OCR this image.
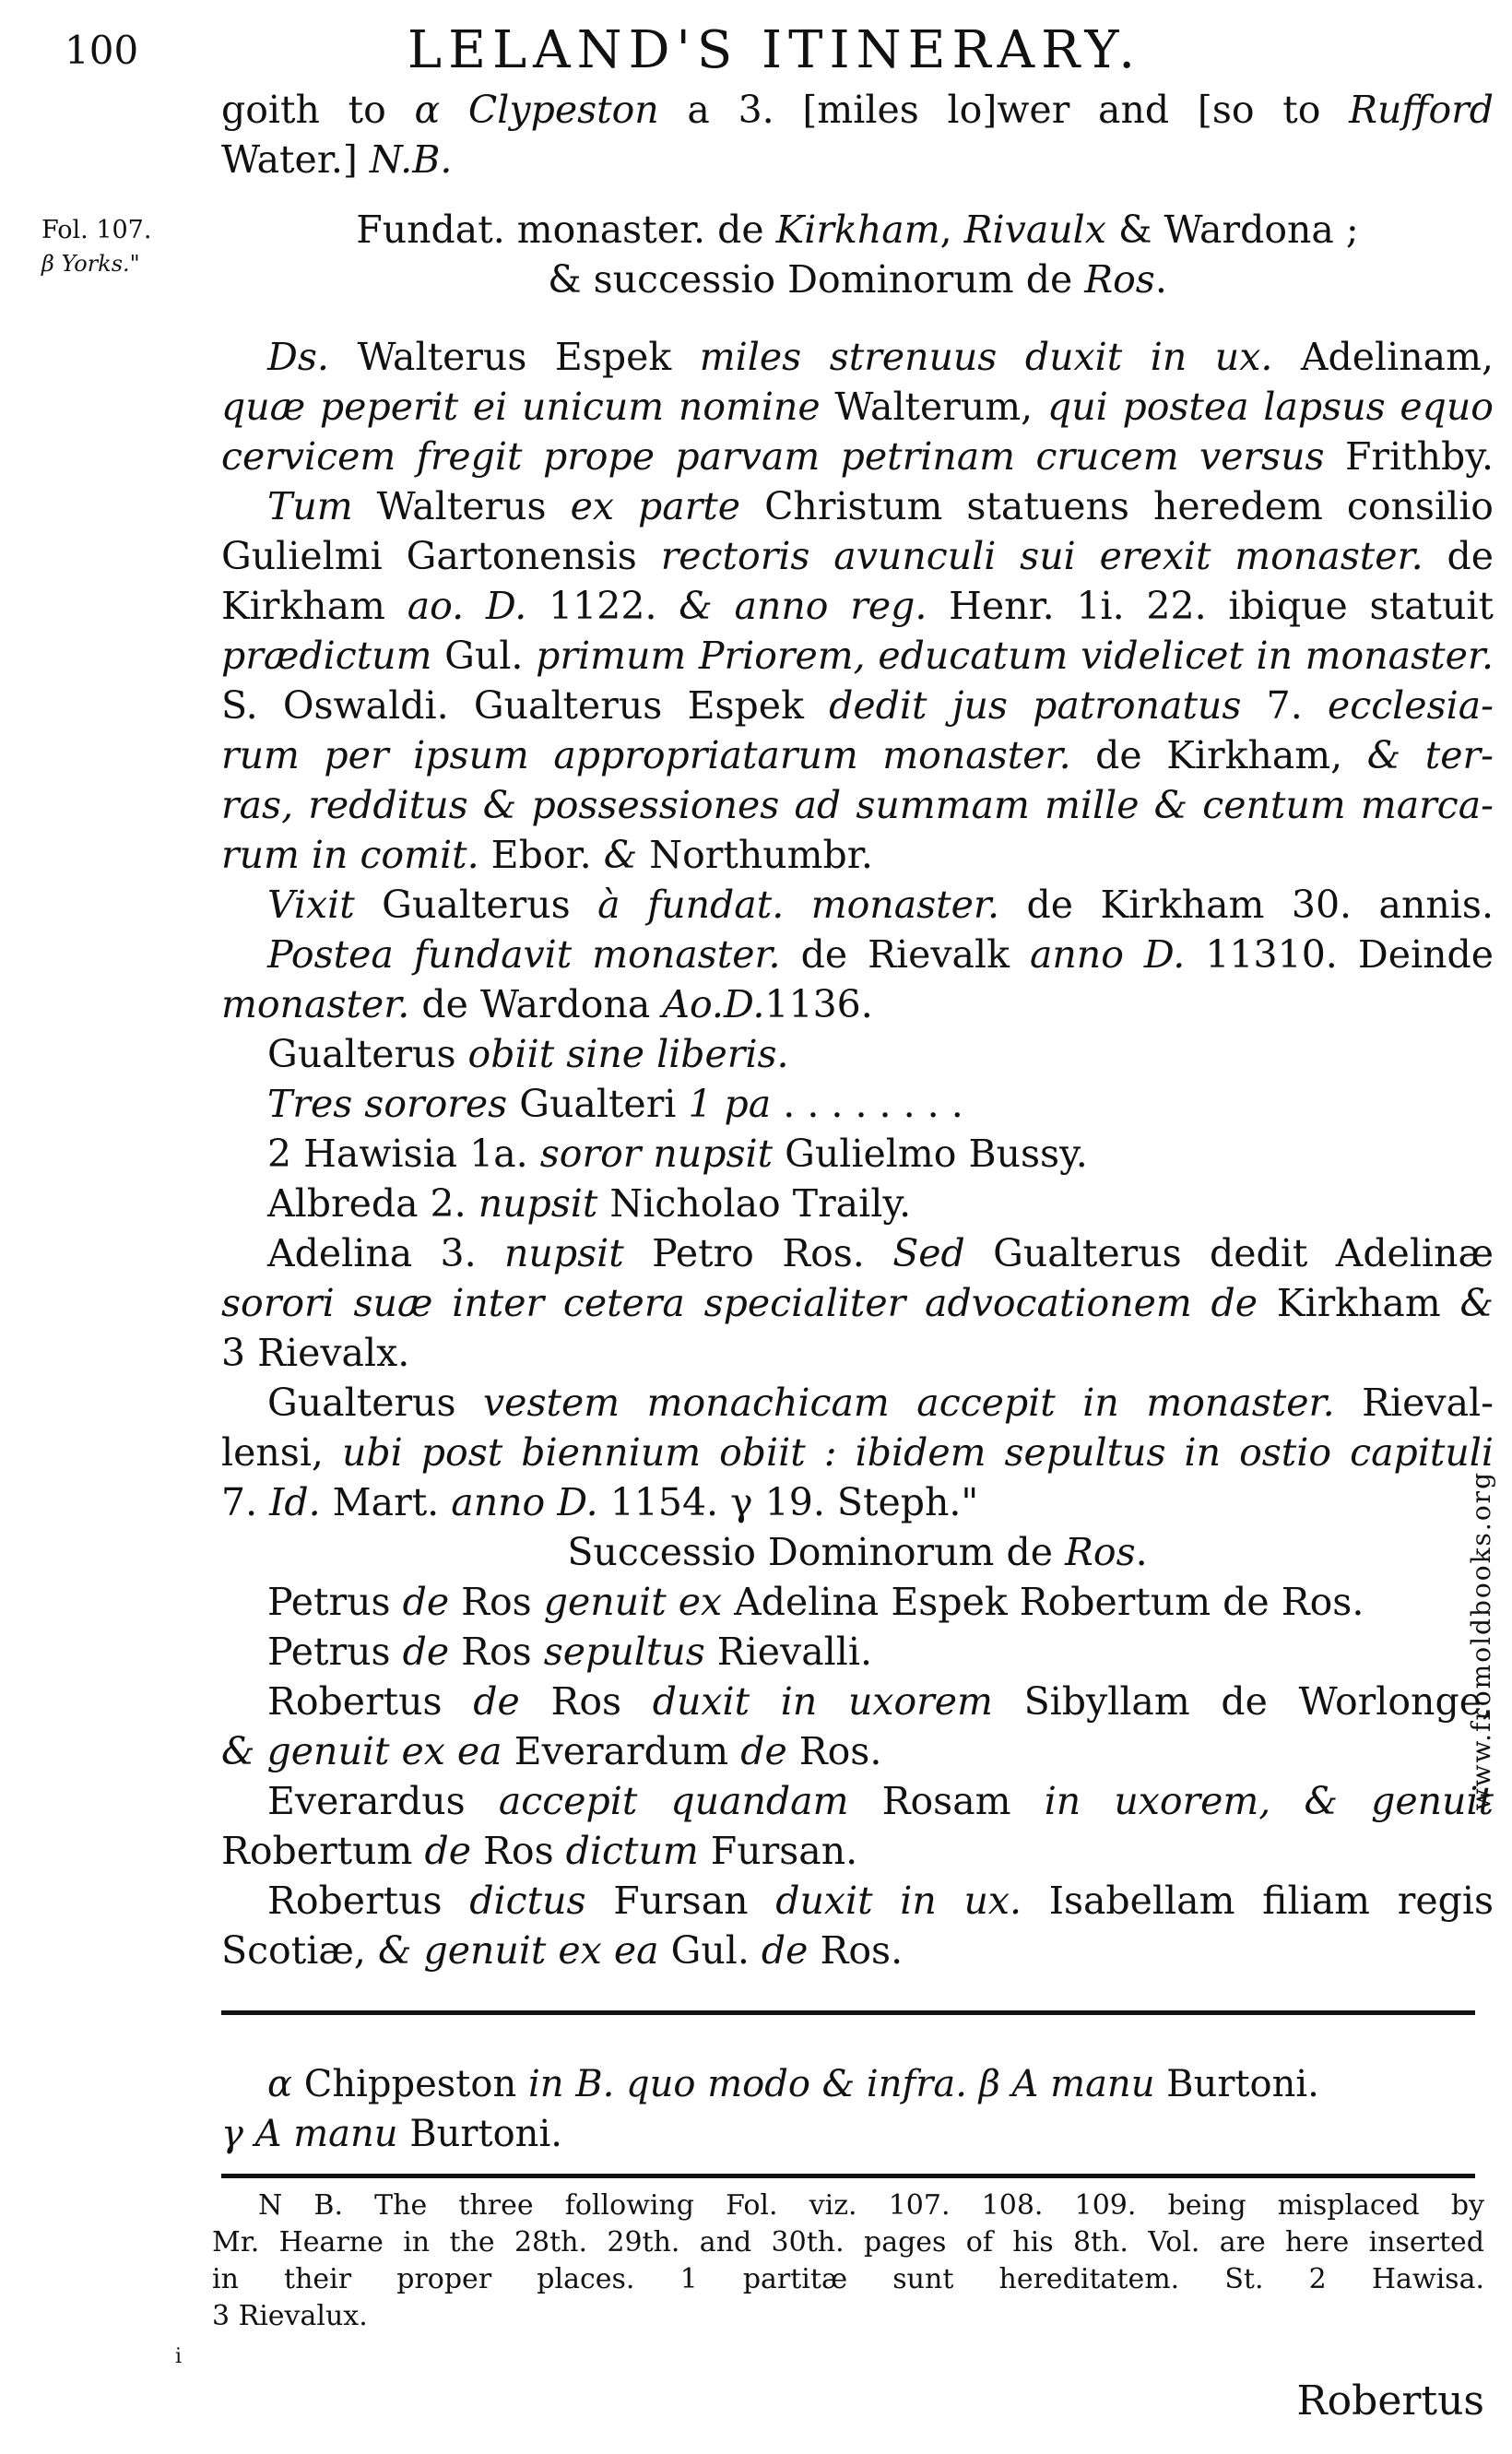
100	LELAND'S ITINERARY.
Fol. 107.
β Yorks."
goith to α Clypeston a 3. [miles lo]wer and [so to Rufford
Water.] N.B.
Fundat. monaster. de Kirkham, Rivaulx & Wardona ;
& successio Dominorum de Ros.
Ds. Walterus Espek miles strenuus duxit in ux. Adelinam,
quæ peperit ei unicum nomine Walterum, qui postea lapsus equo
cervicem fregit prope parvam petrinam crucem versus Frithby.
Tum Walterus ex parte Christum statuens heredem consilio
Gulielmi Gartonensis rectoris avunculi sui erexit monaster. de
Kirkham ao. D. 1122. & anno reg. Henr. 1i. 22. ibique statuit
prædictum Gul. primum Priorem, educatum videlicet in monaster.
S. Oswaldi. Gualterus Espek dedit jus patronatus 7. ecclesia-
rum per ipsum appropriatarum monaster. de Kirkham, & ter-
ras, redditus & possessiones ad summam mille & centum marca-
rum in comit. Ebor. & Northumbr.
Vixit Gualterus à fundat. monaster. de Kirkham 30. annis.
Postea fundavit monaster. de Rievalk anno D. 11310. Deinde
monaster. de Wardona Ao.D.1136.
Gualterus obiit sine liberis.
Tres sorores Gualteri 1 pa . . . . . . . .
2 Hawisia 1a. soror nupsit Gulielmo Bussy.
Albreda 2. nupsit Nicholao Traily.
Adelina 3. nupsit Petro Ros. Sed Gualterus dedit Adelinæ
sorori suæ inter cetera specialiter advocationem de Kirkham &
3 Rievalx.
Gualterus vestem monachicam accepit in monaster. Rieval-
lensi, ubi post biennium obiit : ibidem sepultus in ostio capituli
7. Id. Mart. anno D. 1154. γ 19. Steph."
Successio Dominorum de Ros.
Petrus de Ros genuit ex Adelina Espek Robertum de Ros.
Petrus de Ros sepultus Rievalli.
Robertus de Ros duxit in uxorem Sibyllam de Worlonge,
& genuit ex ea Everardum de Ros.
Everardus accepit quandam Rosam in uxorem, & genuit
Robertum de Ros dictum Fursan.
Robertus dictus Fursan duxit in ux. Isabellam filiam regis
Scotiæ, & genuit ex ea Gul. de Ros.
α Chippeston in B. quo modo & infra. β A manu Burtoni.
γ A manu Burtoni.
N B. The three following Fol. viz. 107. 108. 109. being misplaced by
Mr. Hearne in the 28th. 29th. and 30th. pages of his 8th. Vol. are here inserted
in their proper places. 1 partitæ sunt hereditatem. St. 2 Hawisa.
3 Rievalux.
i
Robertus
www.fromoldbooks.org
